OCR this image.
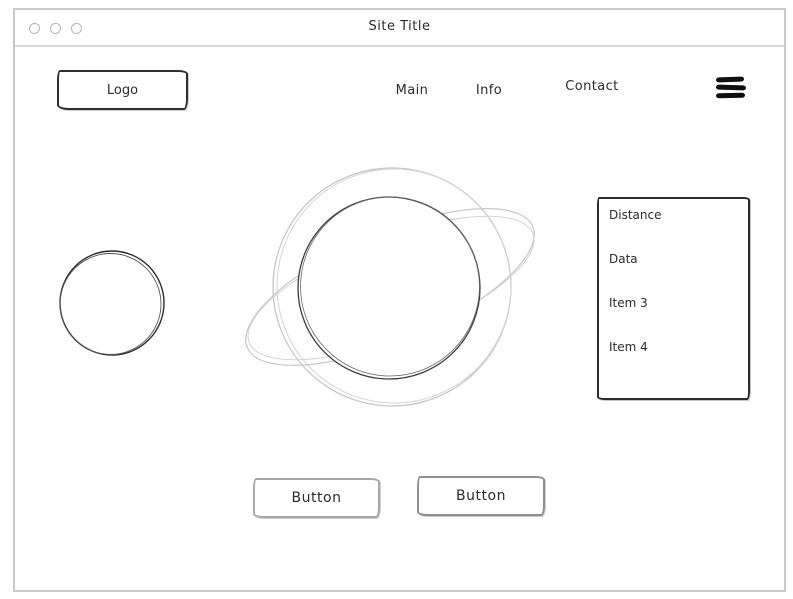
Site Title
Logo	Main	Info	Contact
Distance
Data
Item 3
Item 4
Button	Button
